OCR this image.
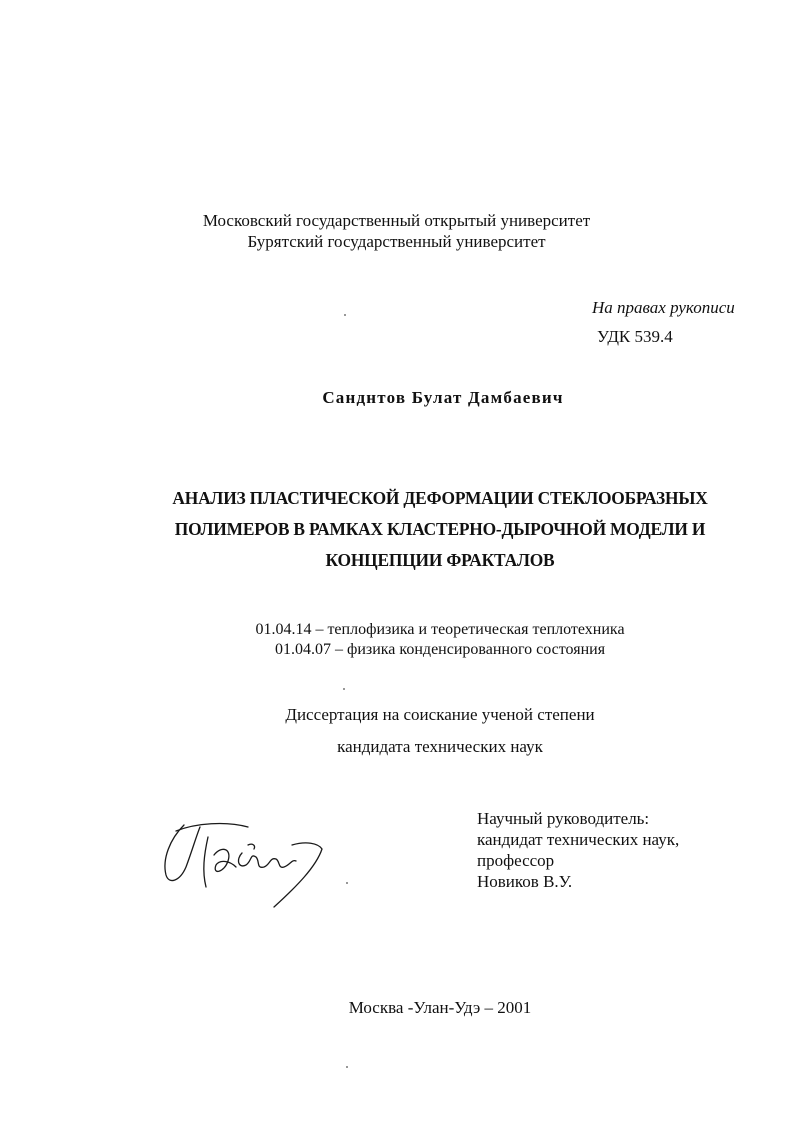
Московский государственный открытый университет
Бурятский государственный университет
На правах рукописи
УДК 539.4
Санднтов Булат Дамбаевич
АНАЛИЗ ПЛАСТИЧЕСКОЙ ДЕФОРМАЦИИ СТЕКЛООБРАЗНЫХ
ПОЛИМЕРОВ В РАМКАХ КЛАСТЕРНО-ДЫРОЧНОЙ МОДЕЛИ И
КОНЦЕПЦИИ ФРАКТАЛОВ
01.04.14 – теплофизика и теоретическая теплотехника
01.04.07 – физика конденсированного состояния
Диссертация на соискание ученой степени
кандидата технических наук
Научный руководитель:
кандидат технических наук,
профессор
Новиков В.У.
Москва -Улан-Удэ – 2001
